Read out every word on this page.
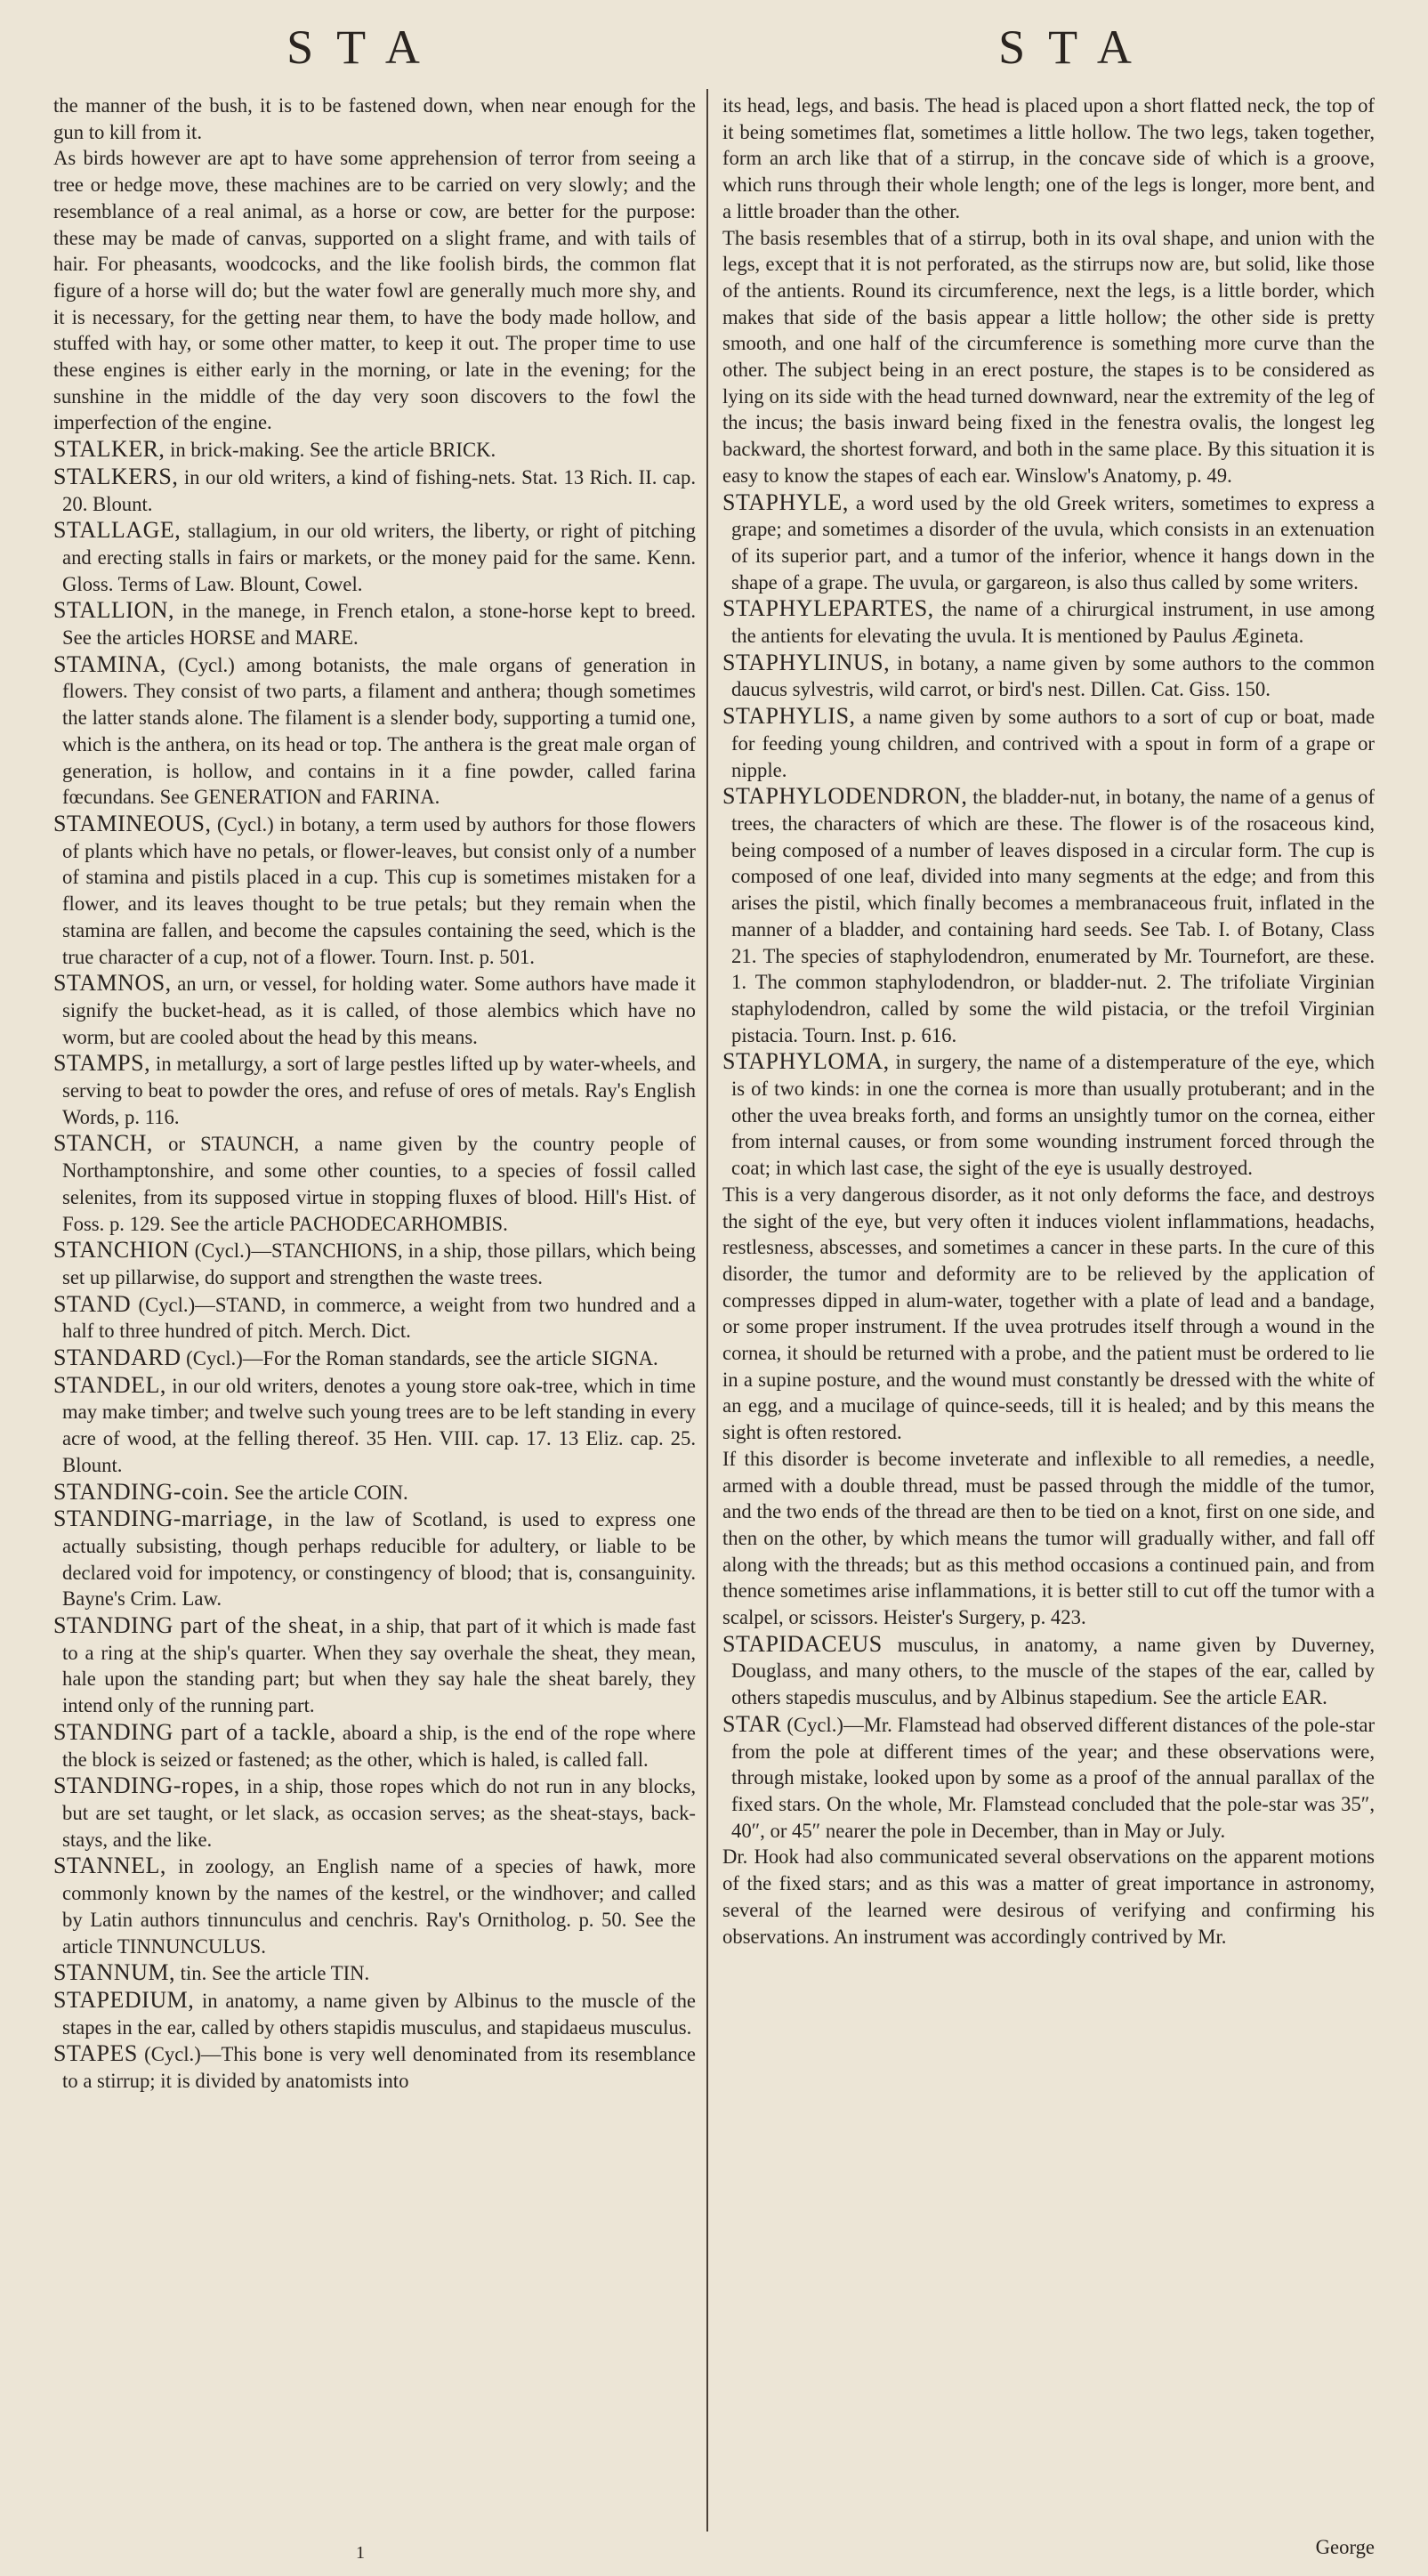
STA	STA

the manner of the bush, it is to be fastened down, when near enough for the gun to kill from it.

As birds however are apt to have some apprehension of terror from seeing a tree or hedge move, these machines are to be carried on very slowly; and the resemblance of a real animal, as a horse or cow, are better for the purpose: these may be made of canvas, supported on a slight frame, and with tails of hair. For pheasants, woodcocks, and the like foolish birds, the common flat figure of a horse will do; but the water fowl are generally much more shy, and it is necessary, for the getting near them, to have the body made hollow, and stuffed with hay, or some other matter, to keep it out. The proper time to use these engines is either early in the morning, or late in the evening; for the sunshine in the middle of the day very soon discovers to the fowl the imperfection of the engine.

STALKER, in brick-making. See the article BRICK.

STALKERS, in our old writers, a kind of fishing-nets. Stat. 13 Rich. II. cap. 20. Blount.

STALLAGE, stallagium, in our old writers, the liberty, or right of pitching and erecting stalls in fairs or markets, or the money paid for the same. Kenn. Gloss. Terms of Law. Blount, Cowel.

STALLION, in the manege, in French etalon, a stone-horse kept to breed. See the articles HORSE and MARE.

STAMINA, (Cycl.) among botanists, the male organs of generation in flowers. They consist of two parts, a filament and anthera; though sometimes the latter stands alone. The filament is a slender body, supporting a tumid one, which is the anthera, on its head or top. The anthera is the great male organ of generation, is hollow, and contains in it a fine powder, called farina fœcundans. See GENERATION and FARINA.

STAMINEOUS, (Cycl.) in botany, a term used by authors for those flowers of plants which have no petals, or flower-leaves, but consist only of a number of stamina and pistils placed in a cup. This cup is sometimes mistaken for a flower, and its leaves thought to be true petals; but they remain when the stamina are fallen, and become the capsules containing the seed, which is the true character of a cup, not of a flower. Tourn. Inst. p. 501.

STAMNOS, an urn, or vessel, for holding water. Some authors have made it signify the bucket-head, as it is called, of those alembics which have no worm, but are cooled about the head by this means.

STAMPS, in metallurgy, a sort of large pestles lifted up by water-wheels, and serving to beat to powder the ores, and refuse of ores of metals. Ray's English Words, p. 116.

STANCH, or STAUNCH, a name given by the country people of Northamptonshire, and some other counties, to a species of fossil called selenites, from its supposed virtue in stopping fluxes of blood. Hill's Hist. of Foss. p. 129. See the article PACHODECARHOMBIS.

STANCHION (Cycl.)—STANCHIONS, in a ship, those pillars, which being set up pillarwise, do support and strengthen the waste trees.

STAND (Cycl.)—STAND, in commerce, a weight from two hundred and a half to three hundred of pitch. Merch. Dict.

STANDARD (Cycl.)—For the Roman standards, see the article SIGNA.

STANDEL, in our old writers, denotes a young store oak-tree, which in time may make timber; and twelve such young trees are to be left standing in every acre of wood, at the felling thereof. 35 Hen. VIII. cap. 17. 13 Eliz. cap. 25. Blount.

STANDING-coin. See the article COIN.

STANDING-marriage, in the law of Scotland, is used to express one actually subsisting, though perhaps reducible for adultery, or liable to be declared void for impotency, or constingency of blood; that is, consanguinity. Bayne's Crim. Law.

STANDING part of the sheat, in a ship, that part of it which is made fast to a ring at the ship's quarter. When they say overhale the sheat, they mean, hale upon the standing part; but when they say hale the sheat barely, they intend only of the running part.

STANDING part of a tackle, aboard a ship, is the end of the rope where the block is seized or fastened; as the other, which is haled, is called fall.

STANDING-ropes, in a ship, those ropes which do not run in any blocks, but are set taught, or let slack, as occasion serves; as the sheat-stays, back-stays, and the like.

STANNEL, in zoology, an English name of a species of hawk, more commonly known by the names of the kestrel, or the windhover; and called by Latin authors tinnunculus and cenchris. Ray's Ornitholog. p. 50. See the article TINNUNCULUS.

STANNUM, tin. See the article TIN.

STAPEDIUM, in anatomy, a name given by Albinus to the muscle of the stapes in the ear, called by others stapidis musculus, and stapidaeus musculus.

STAPES (Cycl.)—This bone is very well denominated from its resemblance to a stirrup; it is divided by anatomists into

its head, legs, and basis. The head is placed upon a short flatted neck, the top of it being sometimes flat, sometimes a little hollow. The two legs, taken together, form an arch like that of a stirrup, in the concave side of which is a groove, which runs through their whole length; one of the legs is longer, more bent, and a little broader than the other.

The basis resembles that of a stirrup, both in its oval shape, and union with the legs, except that it is not perforated, as the stirrups now are, but solid, like those of the antients. Round its circumference, next the legs, is a little border, which makes that side of the basis appear a little hollow; the other side is pretty smooth, and one half of the circumference is something more curve than the other. The subject being in an erect posture, the stapes is to be considered as lying on its side with the head turned downward, near the extremity of the leg of the incus; the basis inward being fixed in the fenestra ovalis, the longest leg backward, the shortest forward, and both in the same place. By this situation it is easy to know the stapes of each ear. Winslow's Anatomy, p. 49.

STAPHYLE, a word used by the old Greek writers, sometimes to express a grape; and sometimes a disorder of the uvula, which consists in an extenuation of its superior part, and a tumor of the inferior, whence it hangs down in the shape of a grape. The uvula, or gargareon, is also thus called by some writers.

STAPHYLEPARTES, the name of a chirurgical instrument, in use among the antients for elevating the uvula. It is mentioned by Paulus Ægineta.

STAPHYLINUS, in botany, a name given by some authors to the common daucus sylvestris, wild carrot, or bird's nest. Dillen. Cat. Giss. 150.

STAPHYLIS, a name given by some authors to a sort of cup or boat, made for feeding young children, and contrived with a spout in form of a grape or nipple.

STAPHYLODENDRON, the bladder-nut, in botany, the name of a genus of trees, the characters of which are these. The flower is of the rosaceous kind, being composed of a number of leaves disposed in a circular form. The cup is composed of one leaf, divided into many segments at the edge; and from this arises the pistil, which finally becomes a membranaceous fruit, inflated in the manner of a bladder, and containing hard seeds. See Tab. I. of Botany, Class 21. The species of staphylodendron, enumerated by Mr. Tournefort, are these. 1. The common staphylodendron, or bladder-nut. 2. The trifoliate Virginian staphylodendron, called by some the wild pistacia, or the trefoil Virginian pistacia. Tourn. Inst. p. 616.

STAPHYLOMA, in surgery, the name of a distemperature of the eye, which is of two kinds: in one the cornea is more than usually protuberant; and in the other the uvea breaks forth, and forms an unsightly tumor on the cornea, either from internal causes, or from some wounding instrument forced through the coat; in which last case, the sight of the eye is usually destroyed.

This is a very dangerous disorder, as it not only deforms the face, and destroys the sight of the eye, but very often it induces violent inflammations, headachs, restlesness, abscesses, and sometimes a cancer in these parts. In the cure of this disorder, the tumor and deformity are to be relieved by the application of compresses dipped in alum-water, together with a plate of lead and a bandage, or some proper instrument. If the uvea protrudes itself through a wound in the cornea, it should be returned with a probe, and the patient must be ordered to lie in a supine posture, and the wound must constantly be dressed with the white of an egg, and a mucilage of quince-seeds, till it is healed; and by this means the sight is often restored.

If this disorder is become inveterate and inflexible to all remedies, a needle, armed with a double thread, must be passed through the middle of the tumor, and the two ends of the thread are then to be tied on a knot, first on one side, and then on the other, by which means the tumor will gradually wither, and fall off along with the threads; but as this method occasions a continued pain, and from thence sometimes arise inflammations, it is better still to cut off the tumor with a scalpel, or scissors. Heister's Surgery, p. 423.

STAPIDACEUS musculus, in anatomy, a name given by Duverney, Douglass, and many others, to the muscle of the stapes of the ear, called by others stapedis musculus, and by Albinus stapedium. See the article EAR.

STAR (Cycl.)—Mr. Flamstead had observed different distances of the pole-star from the pole at different times of the year; and these observations were, through mistake, looked upon by some as a proof of the annual parallax of the fixed stars. On the whole, Mr. Flamstead concluded that the pole-star was 35″, 40″, or 45″ nearer the pole in December, than in May or July.

Dr. Hook had also communicated several observations on the apparent motions of the fixed stars; and as this was a matter of great importance in astronomy, several of the learned were desirous of verifying and confirming his observations. An instrument was accordingly contrived by Mr.

1	George
